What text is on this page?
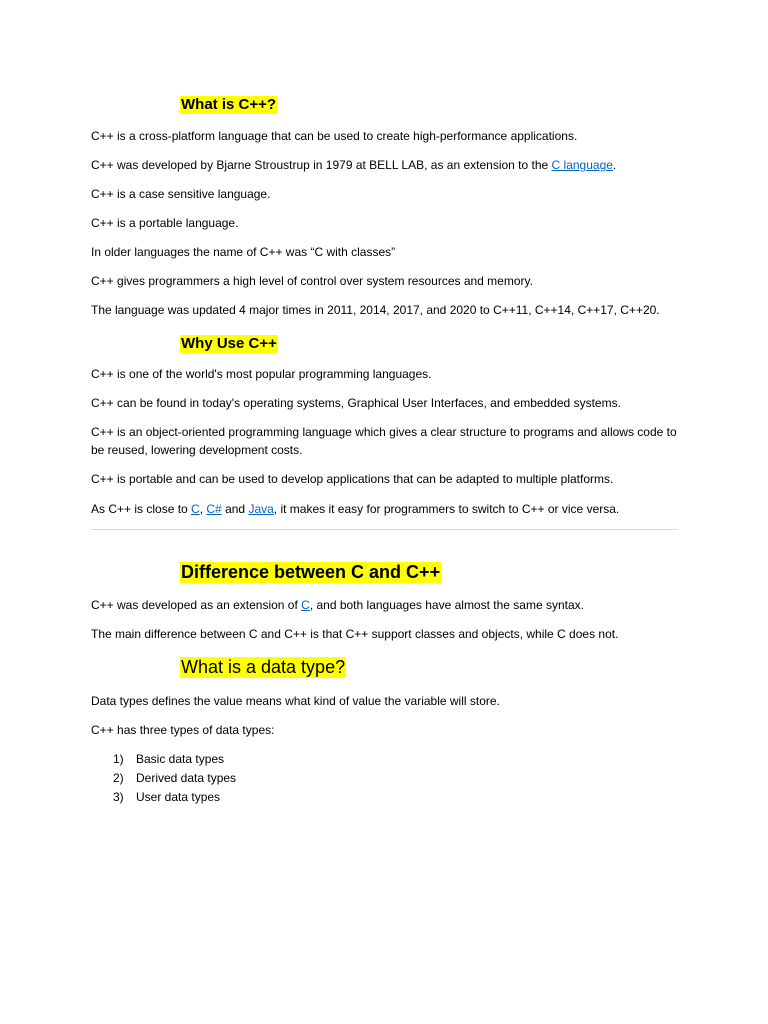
What is C++?
C++ is a cross-platform language that can be used to create high-performance applications.
C++ was developed by Bjarne Stroustrup in 1979 at BELL LAB, as an extension to the C language.
C++ is a case sensitive language.
C++ is a portable language.
In older languages the name of C++ was “C with classes”
C++ gives programmers a high level of control over system resources and memory.
The language was updated 4 major times in 2011, 2014, 2017, and 2020 to C++11, C++14, C++17, C++20.
Why Use C++
C++ is one of the world's most popular programming languages.
C++ can be found in today's operating systems, Graphical User Interfaces, and embedded systems.
C++ is an object-oriented programming language which gives a clear structure to programs and allows code to be reused, lowering development costs.
C++ is portable and can be used to develop applications that can be adapted to multiple platforms.
As C++ is close to C, C# and Java, it makes it easy for programmers to switch to C++ or vice versa.
Difference between C and C++
C++ was developed as an extension of C, and both languages have almost the same syntax.
The main difference between C and C++ is that C++ support classes and objects, while C does not.
What is a data type?
Data types defines the value means what kind of value the variable will store.
C++ has three types of data types:
1) Basic data types
2) Derived data types
3) User data types
